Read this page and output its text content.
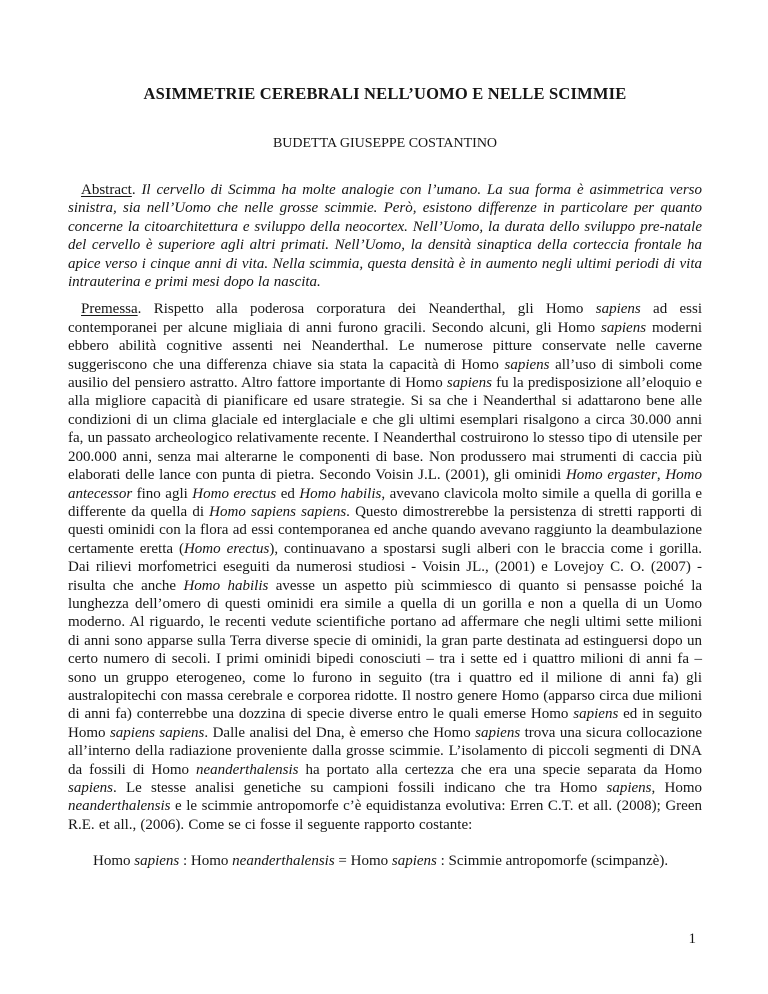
ASIMMETRIE CEREBRALI NELL’UOMO E NELLE SCIMMIE
BUDETTA GIUSEPPE COSTANTINO

Abstract. Il cervello di Scimma ha molte analogie con l’umano. La sua forma è asimmetrica verso sinistra, sia nell’Uomo che nelle grosse scimmie. Però, esistono differenze in particolare per quanto concerne la citoarchitettura e sviluppo della neocortex. Nell’Uomo, la durata dello sviluppo pre-natale del cervello è superiore agli altri primati. Nell’Uomo, la densità sinaptica della corteccia frontale ha apice verso i cinque anni di vita. Nella scimmia, questa densità è in aumento negli ultimi periodi di vita intrauterina e primi mesi dopo la nascita.

Premessa. Rispetto alla poderosa corporatura dei Neanderthal, gli Homo sapiens ad essi contemporanei per alcune migliaia di anni furono gracili. Secondo alcuni, gli Homo sapiens moderni ebbero abilità cognitive assenti nei Neanderthal. Le numerose pitture conservate nelle caverne suggeriscono che una differenza chiave sia stata la capacità di Homo sapiens all’uso di simboli come ausilio del pensiero astratto. Altro fattore importante di Homo sapiens fu la predisposizione all’eloquio e alla migliore capacità di pianificare ed usare strategie. Si sa che i Neanderthal si adattarono bene alle condizioni di un clima glaciale ed interglaciale e che gli ultimi esemplari risalgono a circa 30.000 anni fa, un passato archeologico relativamente recente. I Neanderthal costruirono lo stesso tipo di utensile per 200.000 anni, senza mai alterarne le componenti di base. Non produssero mai strumenti di caccia più elaborati delle lance con punta di pietra. Secondo Voisin J.L. (2001), gli ominidi Homo ergaster, Homo antecessor fino agli Homo erectus ed Homo habilis, avevano clavicola molto simile a quella di gorilla e differente da quella di Homo sapiens sapiens. Questo dimostrerebbe la persistenza di stretti rapporti di questi ominidi con la flora ad essi contemporanea ed anche quando avevano raggiunto la deambulazione certamente eretta (Homo erectus), continuavano a spostarsi sugli alberi con le braccia come i gorilla. Dai rilievi morfometrici eseguiti da numerosi studiosi - Voisin JL., (2001) e Lovejoy C. O. (2007) - risulta che anche Homo habilis avesse un aspetto più scimmiesco di quanto si pensasse poiché la lunghezza dell’omero di questi ominidi era simile a quella di un gorilla e non a quella di un Uomo moderno. Al riguardo, le recenti vedute scientifiche portano ad affermare che negli ultimi sette milioni di anni sono apparse sulla Terra diverse specie di ominidi, la gran parte destinata ad estinguersi dopo un certo numero di secoli. I primi ominidi bipedi conosciuti – tra i sette ed i quattro milioni di anni fa – sono un gruppo eterogeneo, come lo furono in seguito (tra i quattro ed il milione di anni fa) gli australopitechi con massa cerebrale e corporea ridotte. Il nostro genere Homo (apparso circa due milioni di anni fa) conterrebbe una dozzina di specie diverse entro le quali emerse Homo sapiens ed in seguito Homo sapiens sapiens. Dalle analisi del Dna, è emerso che Homo sapiens trova una sicura collocazione all’interno della radiazione proveniente dalla grosse scimmie. L’isolamento di piccoli segmenti di DNA da fossili di Homo neanderthalensis ha portato alla certezza che era una specie separata da Homo sapiens. Le stesse analisi genetiche su campioni fossili indicano che tra Homo sapiens, Homo neanderthalensis e le scimmie antropomorfe c’è equidistanza evolutiva: Erren C.T. et all. (2008); Green R.E. et all., (2006). Come se ci fosse il seguente rapporto costante:

Homo sapiens : Homo neanderthalensis = Homo sapiens : Scimmie antropomorfe (scimpanzè).

1
